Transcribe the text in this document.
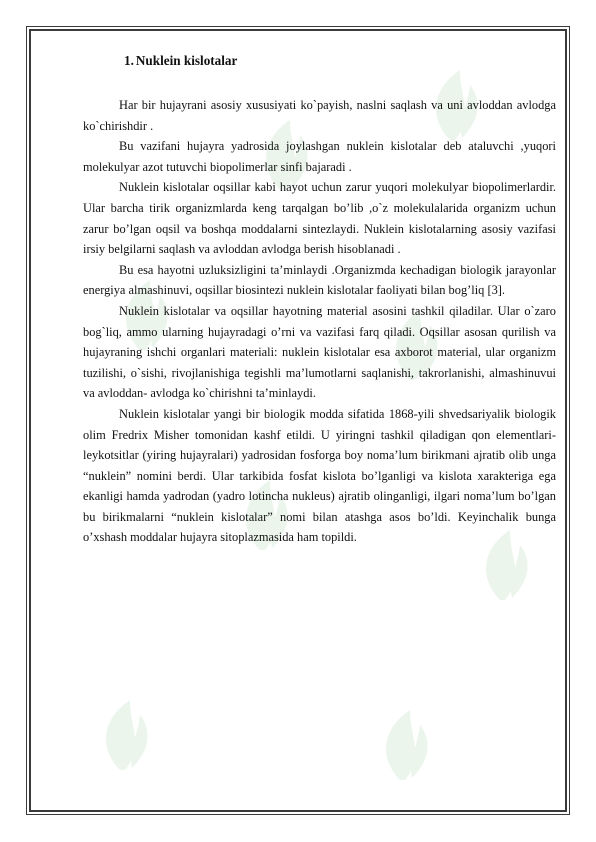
1. Nuklein kislotalar

Har bir hujayrani asosiy xususiyati ko`payish, naslni saqlash va uni avloddan avlodga ko`chirishdir .

Bu vazifani hujayra yadrosida joylashgan nuklein kislotalar deb ataluvchi ,yuqori molekulyar azot tutuvchi biopolimerlar sinfi bajaradi .

Nuklein kislotalar oqsillar kabi hayot uchun zarur yuqori molekulyar biopolimerlardir. Ular barcha tirik organizmlarda keng tarqalgan bo’lib ,o`z molekulalarida organizm uchun zarur bo’lgan oqsil va boshqa moddalarni sintezlaydi. Nuklein kislotalarning asosiy vazifasi irsiy belgilarni saqlash va avloddan avlodga berish hisoblanadi .

Bu esa hayotni uzluksizligini ta’minlaydi .Organizmda kechadigan biologik jarayonlar energiya almashinuvi, oqsillar biosintezi nuklein kislotalar faoliyati bilan bog’liq [3].

Nuklein kislotalar va oqsillar hayotning material asosini tashkil qiladilar. Ular o`zaro bog`liq, ammo ularning hujayradagi o’rni va vazifasi farq qiladi. Oqsillar asosan qurilish va hujayraning ishchi organlari materiali: nuklein kislotalar esa axborot material, ular organizm tuzilishi, o`sishi, rivojlanishiga tegishli ma’lumotlarni saqlanishi, takrorlanishi, almashinuvui va avloddan- avlodga ko`chirishni ta’minlaydi.

Nuklein kislotalar yangi bir biologik modda sifatida 1868-yili shvedsariyalik biologik olim Fredrix Misher tomonidan kashf etildi. U yiringni tashkil qiladigan qon elementlari-leykotsitlar (yiring hujayralari) yadrosidan fosforga boy noma’lum birikmani ajratib olib unga “nuklein” nomini berdi. Ular tarkibida fosfat kislota bo’lganligi va kislota xarakteriga ega ekanligi hamda yadrodan (yadro lotincha nukleus) ajratib olinganligi, ilgari noma’lum bo’lgan bu birikmalarni “nuklein kislotalar” nomi bilan atashga asos bo’ldi. Keyinchalik bunga o’xshash moddalar hujayra sitoplazmasida ham topildi.
